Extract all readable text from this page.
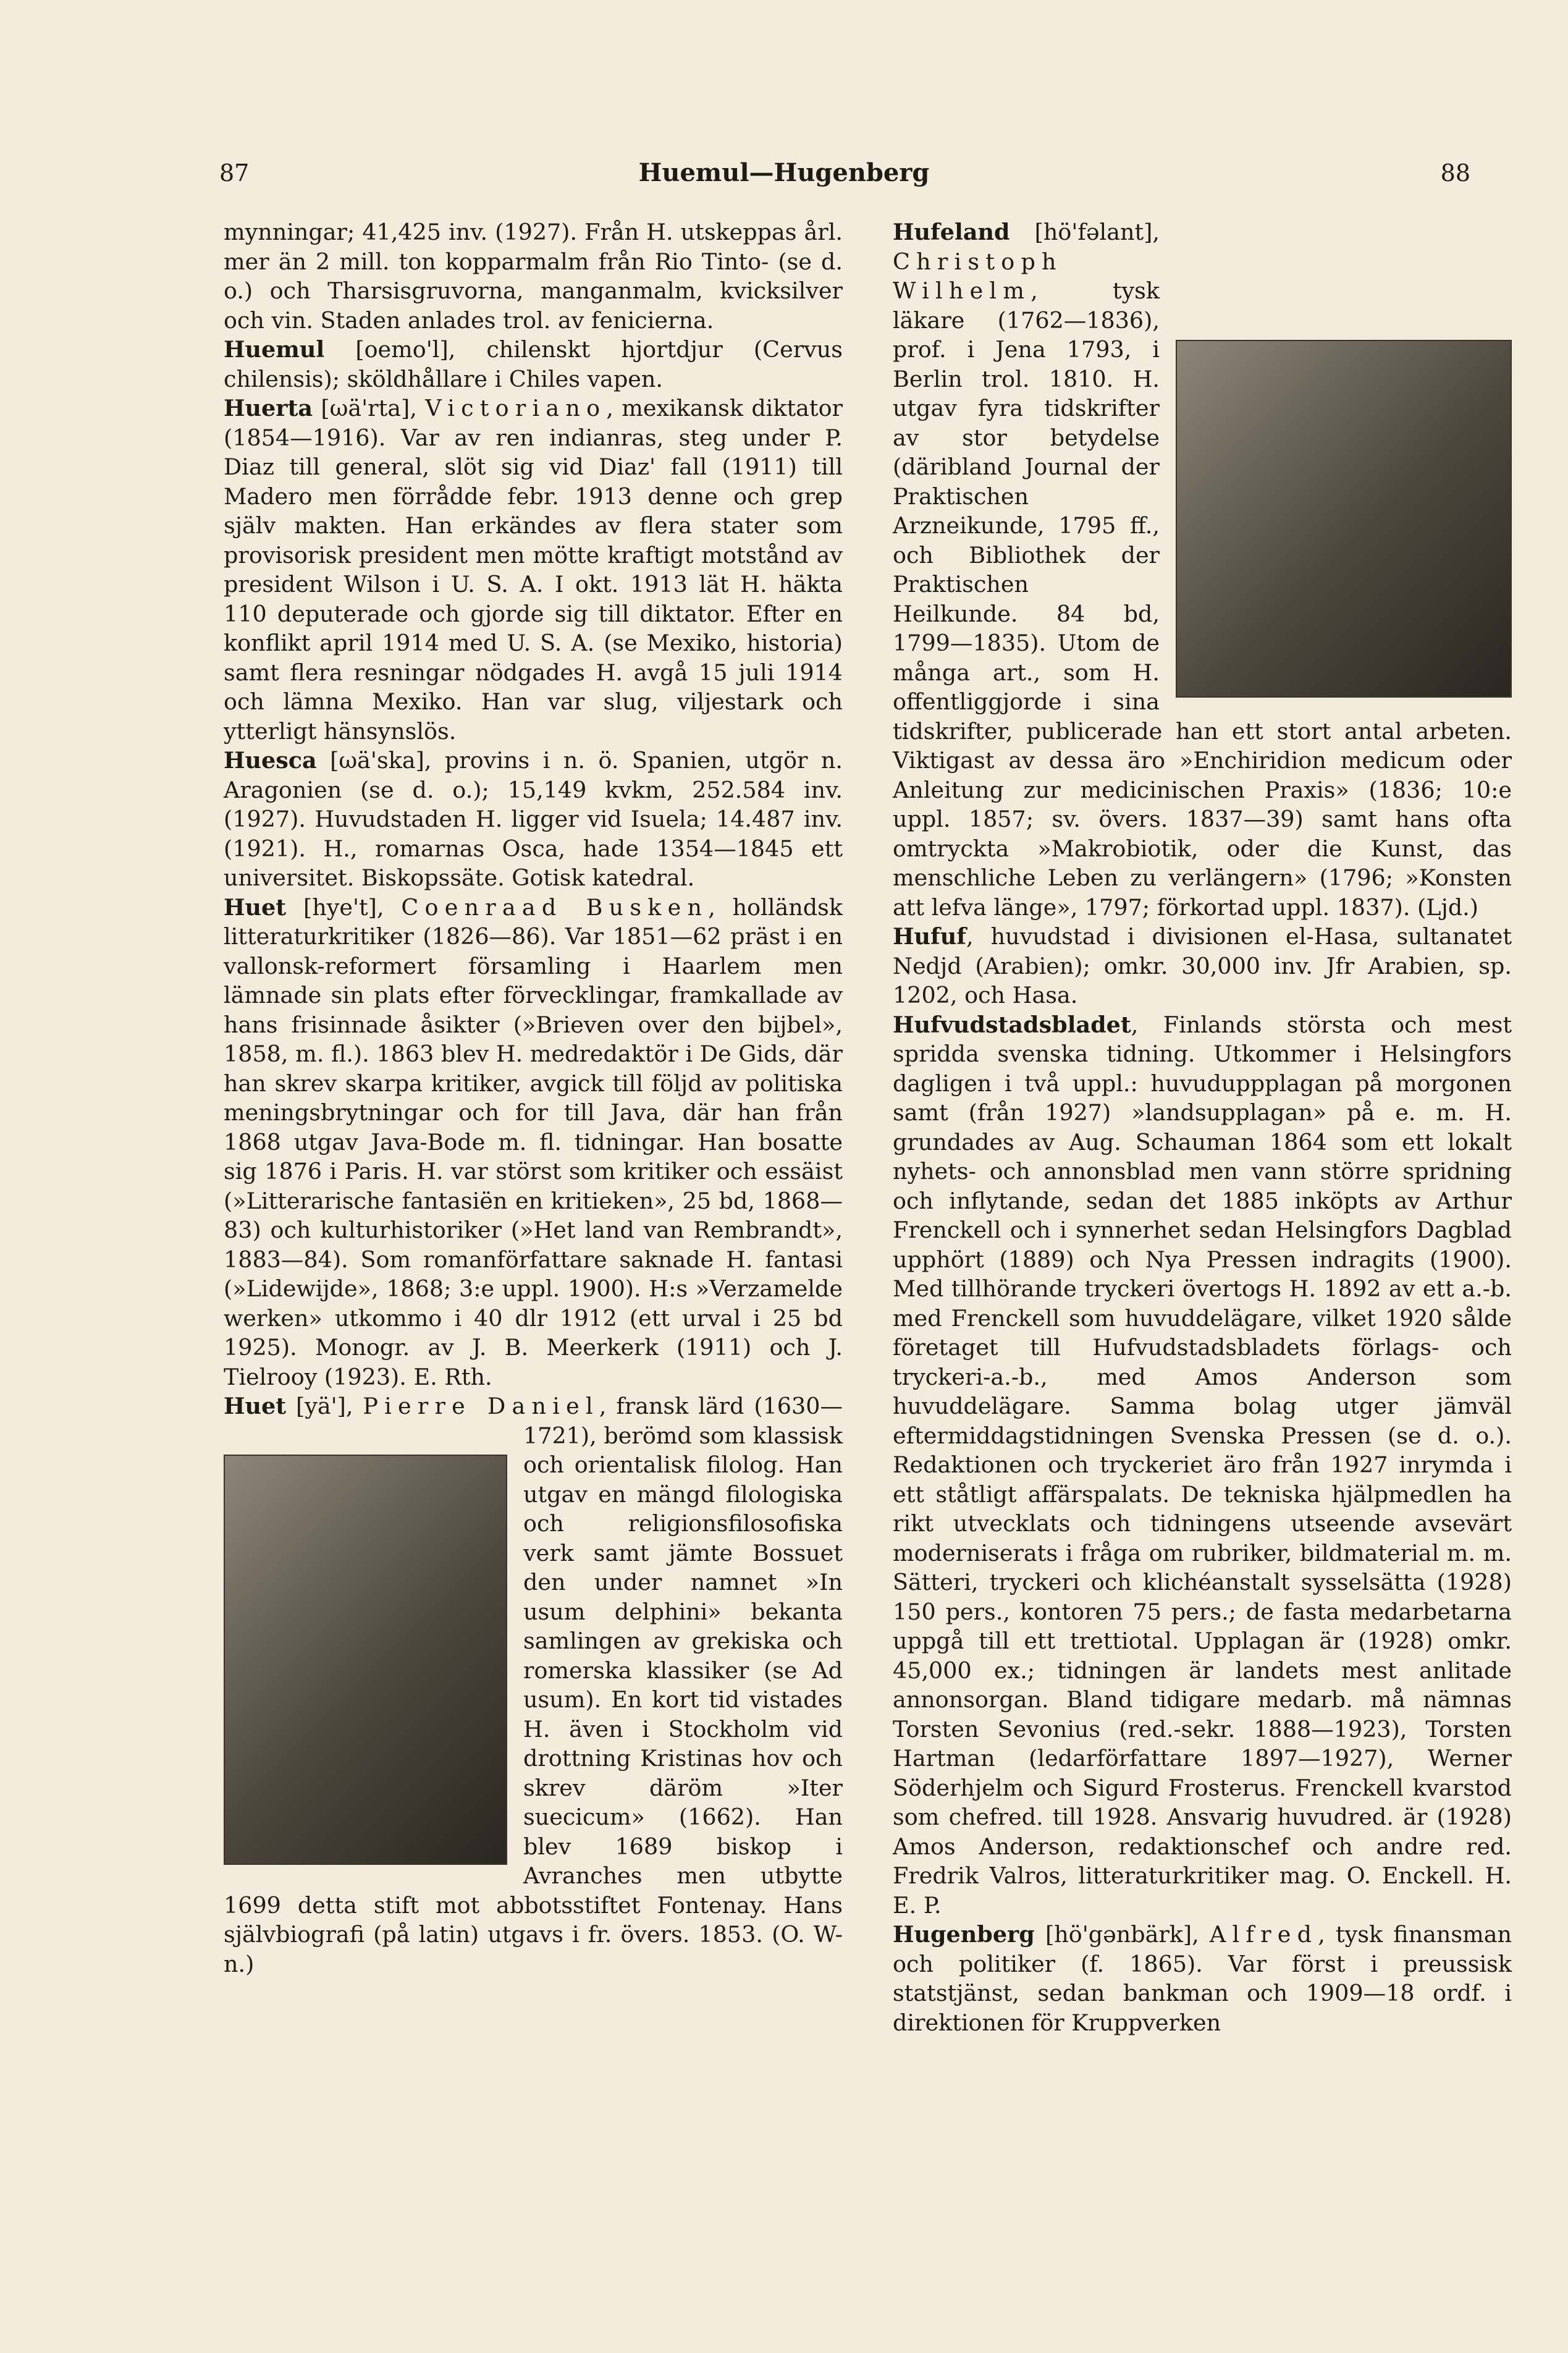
87	Huemul—Hugenberg	88

mynningar; 41,425 inv. (1927). Från H. utskeppas årl. mer än 2 mill. ton kopparmalm från Rio Tinto- (se d. o.) och Tharsisgruvorna, manganmalm, kvicksilver och vin. Staden anlades trol. av fenicierna.

Huemul [oemo'l], chilenskt hjortdjur (Cervus chilensis); sköldhållare i Chiles vapen.

Huerta [ωä'rta], Victoriano, mexikansk diktator (1854—1916). Var av ren indianras, steg under P. Diaz till general, slöt sig vid Diaz' fall (1911) till Madero men förrådde febr. 1913 denne och grep själv makten. Han erkändes av flera stater som provisorisk president men mötte kraftigt motstånd av president Wilson i U. S. A. I okt. 1913 lät H. häkta 110 deputerade och gjorde sig till diktator. Efter en konflikt april 1914 med U. S. A. (se Mexiko, historia) samt flera resningar nödgades H. avgå 15 juli 1914 och lämna Mexiko. Han var slug, viljestark och ytterligt hänsynslös.

Huesca [ωä'ska], provins i n. ö. Spanien, utgör n. Aragonien (se d. o.); 15,149 kvkm, 252.584 inv. (1927). Huvudstaden H. ligger vid Isuela; 14.487 inv. (1921). H., romarnas Osca, hade 1354—1845 ett universitet. Biskopssäte. Gotisk katedral.

Huet [hye't], Coenraad Busken, holländsk litteraturkritiker (1826—86). Var 1851—62 präst i en vallonsk-reformert församling i Haarlem men lämnade sin plats efter förvecklingar, framkallade av hans frisinnade åsikter (»Brieven over den bijbel», 1858, m. fl.). 1863 blev H. medredaktör i De Gids, där han skrev skarpa kritiker, avgick till följd av politiska meningsbrytningar och for till Java, där han från 1868 utgav Java-Bode m. fl. tidningar. Han bosatte sig 1876 i Paris. H. var störst som kritiker och essäist (»Litterarische fantasiën en kritieken», 25 bd, 1868—83) och kulturhistoriker (»Het land van Rembrandt», 1883—84). Som romanförfattare saknade H. fantasi (»Lidewijde», 1868; 3:e uppl. 1900). H:s »Verzamelde werken» utkommo i 40 dlr 1912 (ett urval i 25 bd 1925). Monogr. av J. B. Meerkerk (1911) och J. Tielrooy (1923). E. Rth.

Huet [yä'], Pierre Daniel, fransk lärd (1630—1721), berömd som klassisk och orientalisk filolog. Han utgav en mängd filologiska och religionsfilosofiska verk samt jämte Bossuet den under namnet »In usum delphini» bekanta samlingen av grekiska och romerska klassiker (se Ad usum). En kort tid vistades H. även i Stockholm vid drottning Kristinas hov och skrev däröm »Iter suecicum» (1662). Han blev 1689 biskop i Avranches men utbytte 1699 detta stift mot abbotsstiftet Fontenay. Hans självbiografi (på latin) utgavs i fr. övers. 1853. (O. W-n.)

Hufeland [hö'fəlant], Christoph Wilhelm, tysk läkare (1762—1836), prof. i Jena 1793, i Berlin trol. 1810. H. utgav fyra tidskrifter av stor betydelse (däribland Journal der Praktischen Arzneikunde, 1795 ff., och Bibliothek der Praktischen Heilkunde. 84 bd, 1799—1835). Utom de många art., som H. offentliggjorde i sina tidskrifter, publicerade han ett stort antal arbeten. Viktigast av dessa äro »Enchiridion medicum oder Anleitung zur medicinischen Praxis» (1836; 10:e uppl. 1857; sv. övers. 1837—39) samt hans ofta omtryckta »Makrobiotik, oder die Kunst, das menschliche Leben zu verlängern» (1796; »Konsten att lefva länge», 1797; förkortad uppl. 1837). (Ljd.)

Hufuf, huvudstad i divisionen el-Hasa, sultanatet Nedjd (Arabien); omkr. 30,000 inv. Jfr Arabien, sp. 1202, och Hasa.

Hufvudstadsbladet, Finlands största och mest spridda svenska tidning. Utkommer i Helsingfors dagligen i två uppl.: huvuduppplagan på morgonen samt (från 1927) »landsupplagan» på e. m. H. grundades av Aug. Schauman 1864 som ett lokalt nyhets- och annonsblad men vann större spridning och inflytande, sedan det 1885 inköpts av Arthur Frenckell och i synnerhet sedan Helsingfors Dagblad upphört (1889) och Nya Pressen indragits (1900). Med tillhörande tryckeri övertogs H. 1892 av ett a.-b. med Frenckell som huvuddelägare, vilket 1920 sålde företaget till Hufvudstadsbladets förlags- och tryckeri-a.-b., med Amos Anderson som huvuddelägare. Samma bolag utger jämväl eftermiddagstidningen Svenska Pressen (se d. o.). Redaktionen och tryckeriet äro från 1927 inrymda i ett ståtligt affärspalats. De tekniska hjälpmedlen ha rikt utvecklats och tidningens utseende avsevärt moderniserats i fråga om rubriker, bildmaterial m. m. Sätteri, tryckeri och klichéanstalt sysselsätta (1928) 150 pers., kontoren 75 pers.; de fasta medarbetarna uppgå till ett trettiotal. Upplagan är (1928) omkr. 45,000 ex.; tidningen är landets mest anlitade annonsorgan. Bland tidigare medarb. må nämnas Torsten Sevonius (red.-sekr. 1888—1923), Torsten Hartman (ledarförfattare 1897—1927), Werner Söderhjelm och Sigurd Frosterus. Frenckell kvarstod som chefred. till 1928. Ansvarig huvudred. är (1928) Amos Anderson, redaktionschef och andre red. Fredrik Valros, litteraturkritiker mag. O. Enckell. H. E. P.

Hugenberg [hö'gənbärk], Alfred, tysk finansman och politiker (f. 1865). Var först i preussisk statstjänst, sedan bankman och 1909—18 ordf. i direktionen för Kruppverken
